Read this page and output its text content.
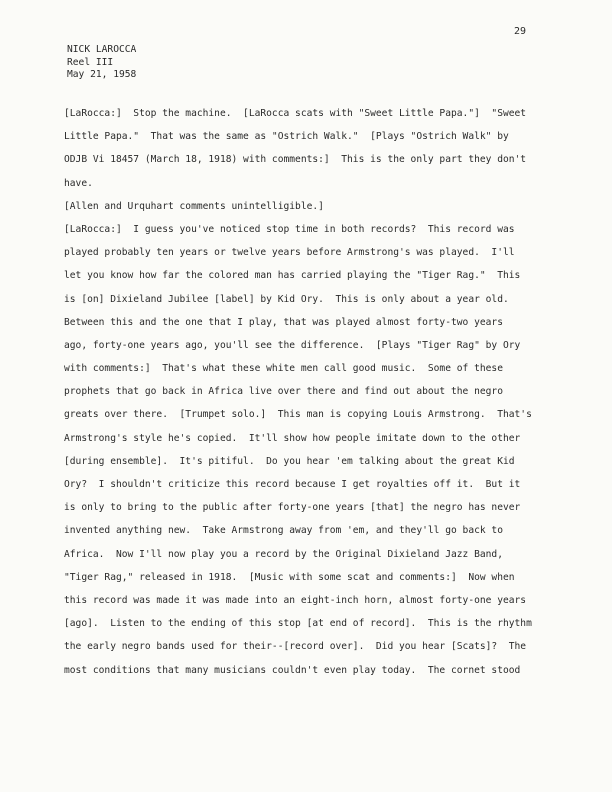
29
NICK LAROCCA
Reel III
May 21, 1958
[LaRocca:]  Stop the machine.  [LaRocca scats with "Sweet Little Papa."]  "Sweet
Little Papa."  That was the same as "Ostrich Walk."  [Plays "Ostrich Walk" by
ODJB Vi 18457 (March 18, 1918) with comments:]  This is the only part they don't
have.
[Allen and Urquhart comments unintelligible.]
[LaRocca:]  I guess you've noticed stop time in both records?  This record was
played probably ten years or twelve years before Armstrong's was played.  I'll
let you know how far the colored man has carried playing the "Tiger Rag."  This
is [on] Dixieland Jubilee [label] by Kid Ory.  This is only about a year old.
Between this and the one that I play, that was played almost forty-two years
ago, forty-one years ago, you'll see the difference.  [Plays "Tiger Rag" by Ory
with comments:]  That's what these white men call good music.  Some of these
prophets that go back in Africa live over there and find out about the negro
greats over there.  [Trumpet solo.]  This man is copying Louis Armstrong.  That's
Armstrong's style he's copied.  It'll show how people imitate down to the other
[during ensemble].  It's pitiful.  Do you hear 'em talking about the great Kid
Ory?  I shouldn't criticize this record because I get royalties off it.  But it
is only to bring to the public after forty-one years [that] the negro has never
invented anything new.  Take Armstrong away from 'em, and they'll go back to
Africa.  Now I'll now play you a record by the Original Dixieland Jazz Band,
"Tiger Rag," released in 1918.  [Music with some scat and comments:]  Now when
this record was made it was made into an eight-inch horn, almost forty-one years
[ago].  Listen to the ending of this stop [at end of record].  This is the rhythm
the early negro bands used for their--[record over].  Did you hear [Scats]?  The
most conditions that many musicians couldn't even play today.  The cornet stood
